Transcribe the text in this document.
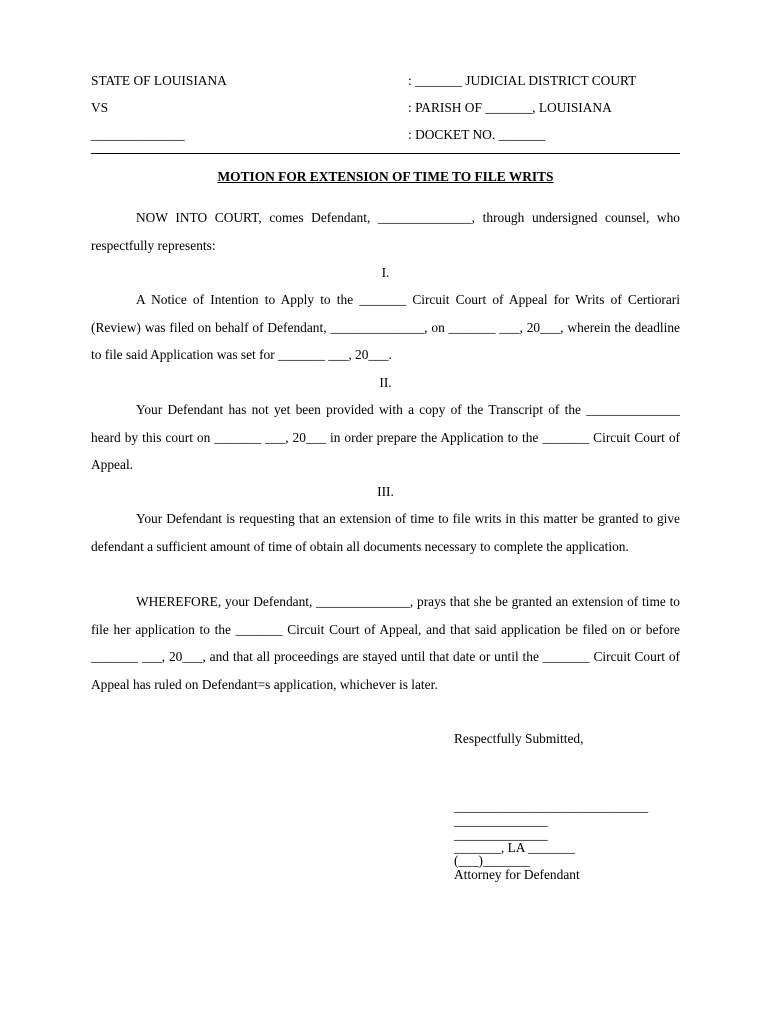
STATE OF LOUISIANA
VS
______________
: _______ JUDICIAL DISTRICT COURT
: PARISH OF _______, LOUISIANA
: DOCKET NO. _______
MOTION FOR EXTENSION OF TIME TO FILE WRITS
NOW INTO COURT, comes Defendant, ______________, through undersigned counsel, who respectfully represents:
I.
A Notice of Intention to Apply to the _______ Circuit Court of Appeal for Writs of Certiorari (Review) was filed on behalf of Defendant, ______________, on _______ ___, 20___, wherein the deadline to file said Application was set for _______ ___, 20___.
II.
Your Defendant has not yet been provided with a copy of the Transcript of the ______________ heard by this court on _______ ___, 20___ in order prepare the Application to the _______ Circuit Court of Appeal.
III.
Your Defendant is requesting that an extension of time to file writs in this matter be granted to give defendant a sufficient amount of time of obtain all documents necessary to complete the application.
WHEREFORE, your Defendant, ______________, prays that she be granted an extension of time to file her application to the _______ Circuit Court of Appeal, and that said application be filed on or before _______ ___, 20___, and that all proceedings are stayed until that date or until the _______ Circuit Court of Appeal has ruled on Defendant=s application, whichever is later.
Respectfully Submitted,
_____________________________
______________
______________
_______, LA _______
(___)_______
Attorney for Defendant
